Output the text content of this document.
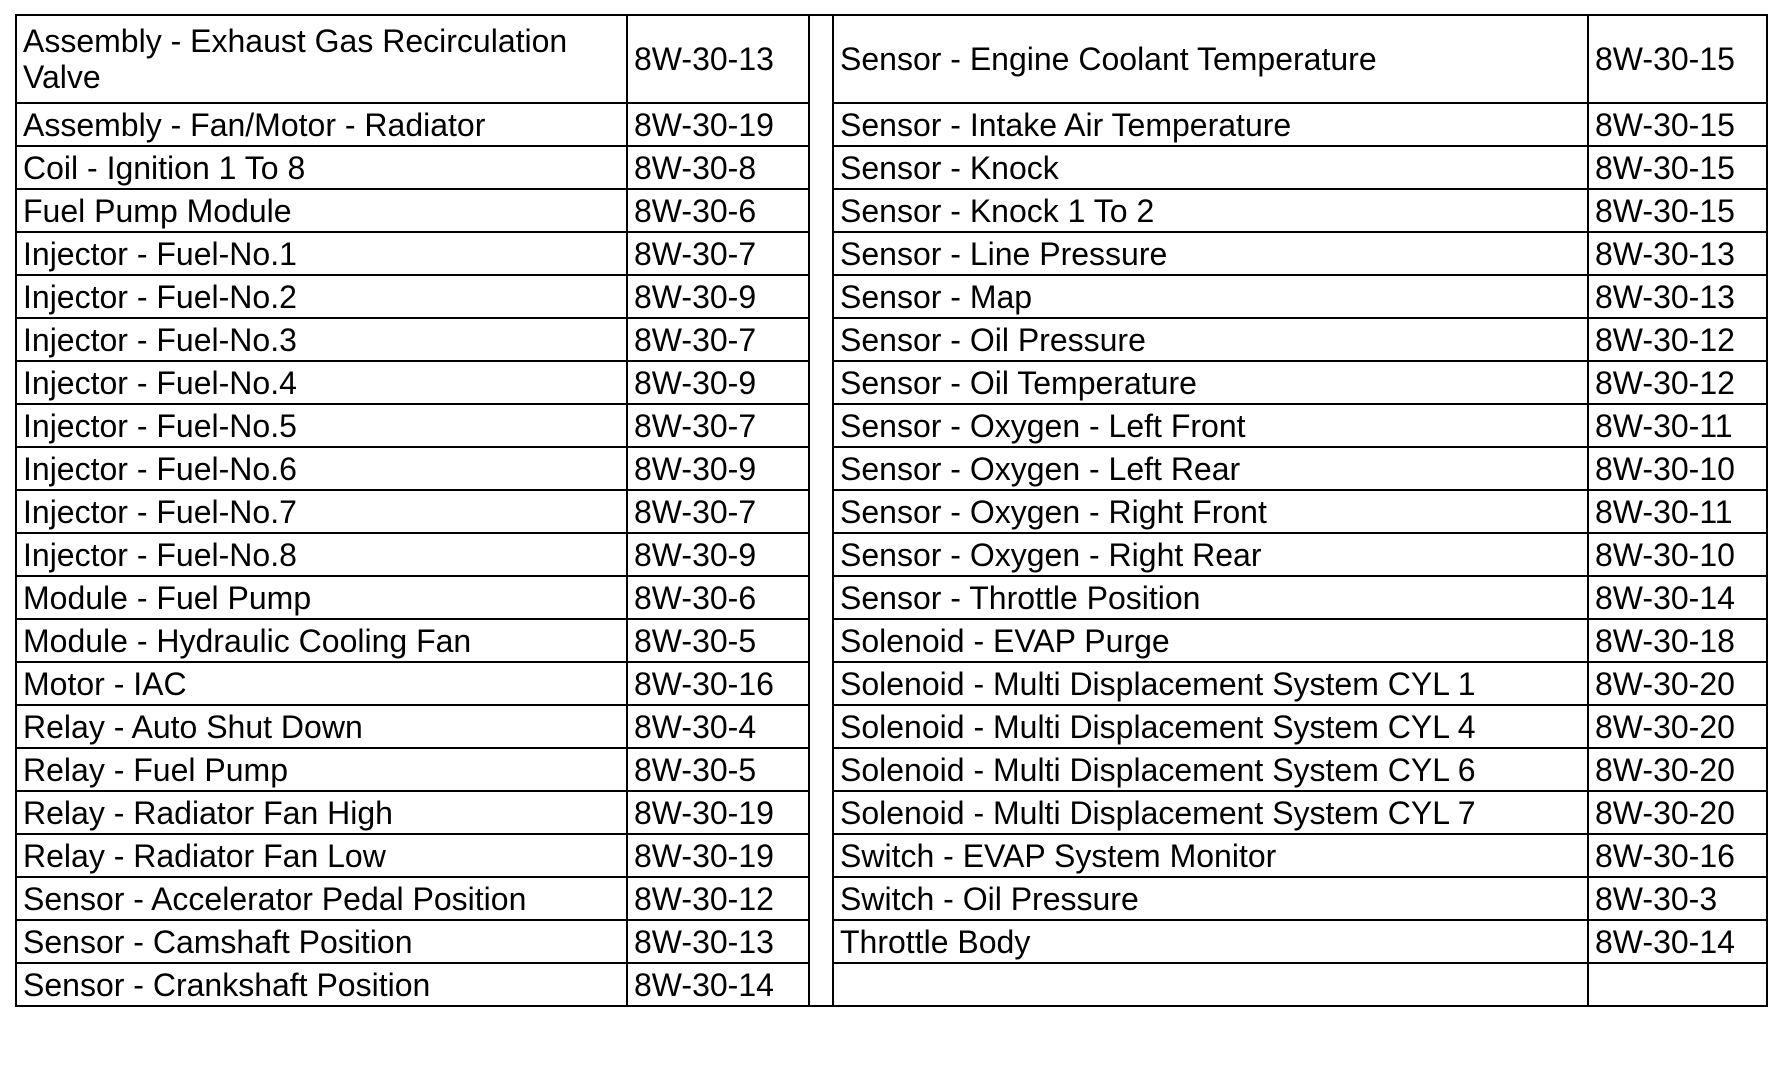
Assembly - Exhaust Gas Recirculation Valve	8W-30-13		Sensor - Engine Coolant Temperature	8W-30-15
Assembly - Fan/Motor - Radiator	8W-30-19		Sensor - Intake Air Temperature	8W-30-15
Coil - Ignition 1 To 8	8W-30-8		Sensor - Knock	8W-30-15
Fuel Pump Module	8W-30-6		Sensor - Knock 1 To 2	8W-30-15
Injector - Fuel-No.1	8W-30-7		Sensor - Line Pressure	8W-30-13
Injector - Fuel-No.2	8W-30-9		Sensor - Map	8W-30-13
Injector - Fuel-No.3	8W-30-7		Sensor - Oil Pressure	8W-30-12
Injector - Fuel-No.4	8W-30-9		Sensor - Oil Temperature	8W-30-12
Injector - Fuel-No.5	8W-30-7		Sensor - Oxygen - Left Front	8W-30-11
Injector - Fuel-No.6	8W-30-9		Sensor - Oxygen - Left Rear	8W-30-10
Injector - Fuel-No.7	8W-30-7		Sensor - Oxygen - Right Front	8W-30-11
Injector - Fuel-No.8	8W-30-9		Sensor - Oxygen - Right Rear	8W-30-10
Module - Fuel Pump	8W-30-6		Sensor - Throttle Position	8W-30-14
Module - Hydraulic Cooling Fan	8W-30-5		Solenoid - EVAP Purge	8W-30-18
Motor - IAC	8W-30-16		Solenoid - Multi Displacement System CYL 1	8W-30-20
Relay - Auto Shut Down	8W-30-4		Solenoid - Multi Displacement System CYL 4	8W-30-20
Relay - Fuel Pump	8W-30-5		Solenoid - Multi Displacement System CYL 6	8W-30-20
Relay - Radiator Fan High	8W-30-19		Solenoid - Multi Displacement System CYL 7	8W-30-20
Relay - Radiator Fan Low	8W-30-19		Switch - EVAP System Monitor	8W-30-16
Sensor - Accelerator Pedal Position	8W-30-12		Switch - Oil Pressure	8W-30-3
Sensor - Camshaft Position	8W-30-13		Throttle Body	8W-30-14
Sensor - Crankshaft Position	8W-30-14			
